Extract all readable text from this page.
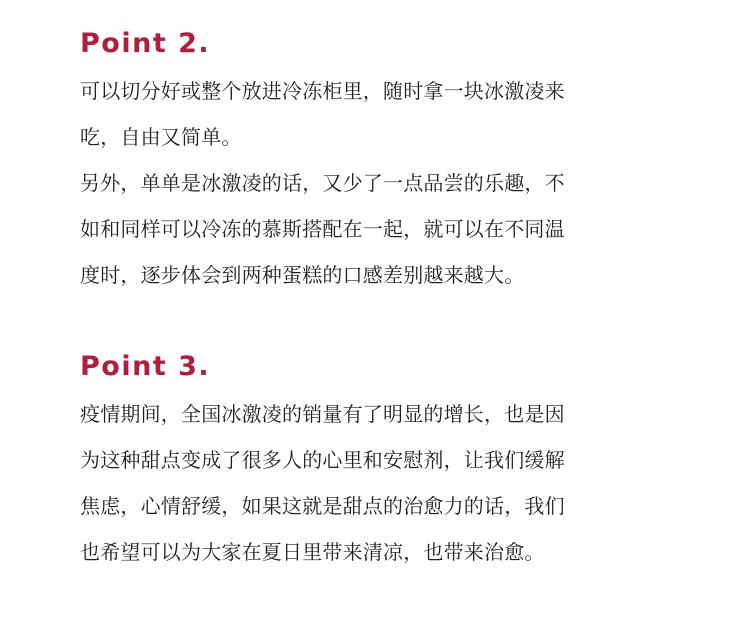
Point 2.
可以切分好或整个放进冷冻柜里，随时拿一块冰激凌来
吃，自由又简单。
另外，单单是冰激凌的话，又少了一点品尝的乐趣，不
如和同样可以冷冻的慕斯搭配在一起，就可以在不同温
度时，逐步体会到两种蛋糕的口感差别越来越大。
Point 3.
疫情期间，全国冰激凌的销量有了明显的增长，也是因
为这种甜点变成了很多人的心里和安慰剂，让我们缓解
焦虑，心情舒缓，如果这就是甜点的治愈力的话，我们
也希望可以为大家在夏日里带来清凉，也带来治愈。
